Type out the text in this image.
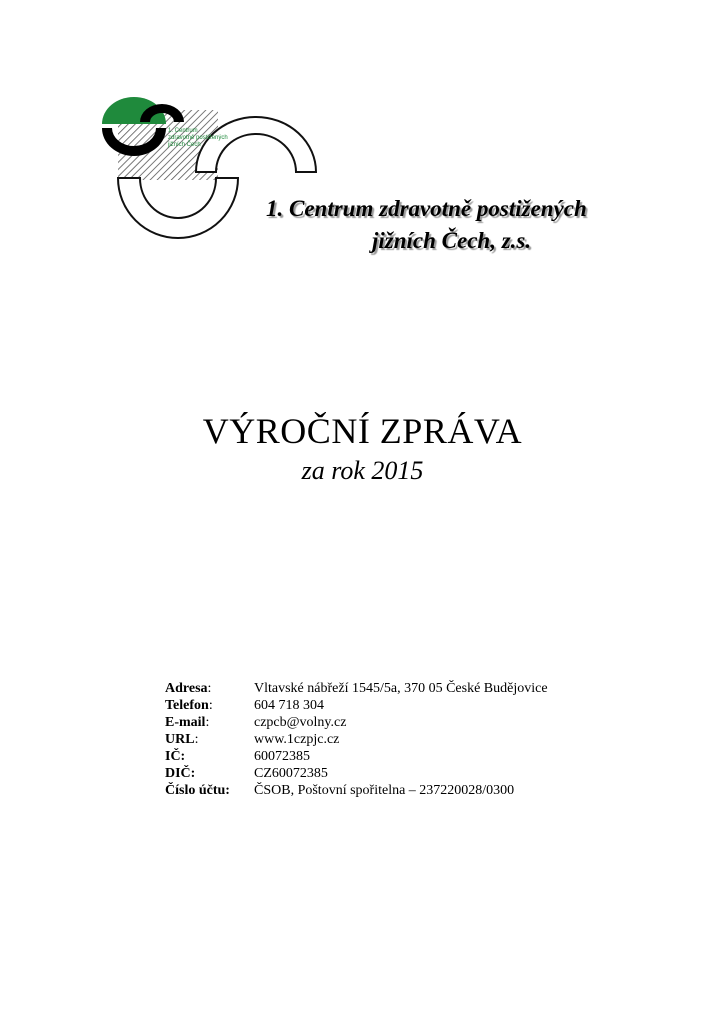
1. Centrum
zdravotně postižených
jižních Čech
1. Centrum zdravotně postižených
jižních Čech, z.s.
VÝROČNÍ ZPRÁVA
za rok 2015
Adresa:	Vltavské nábřeží 1545/5a, 370 05 České Budějovice
Telefon:	604 718 304
E-mail:	czpcb@volny.cz
URL:	www.1czpjc.cz
IČ:	60072385
DIČ:	CZ60072385
Číslo účtu:	ČSOB, Poštovní spořitelna – 237220028/0300
